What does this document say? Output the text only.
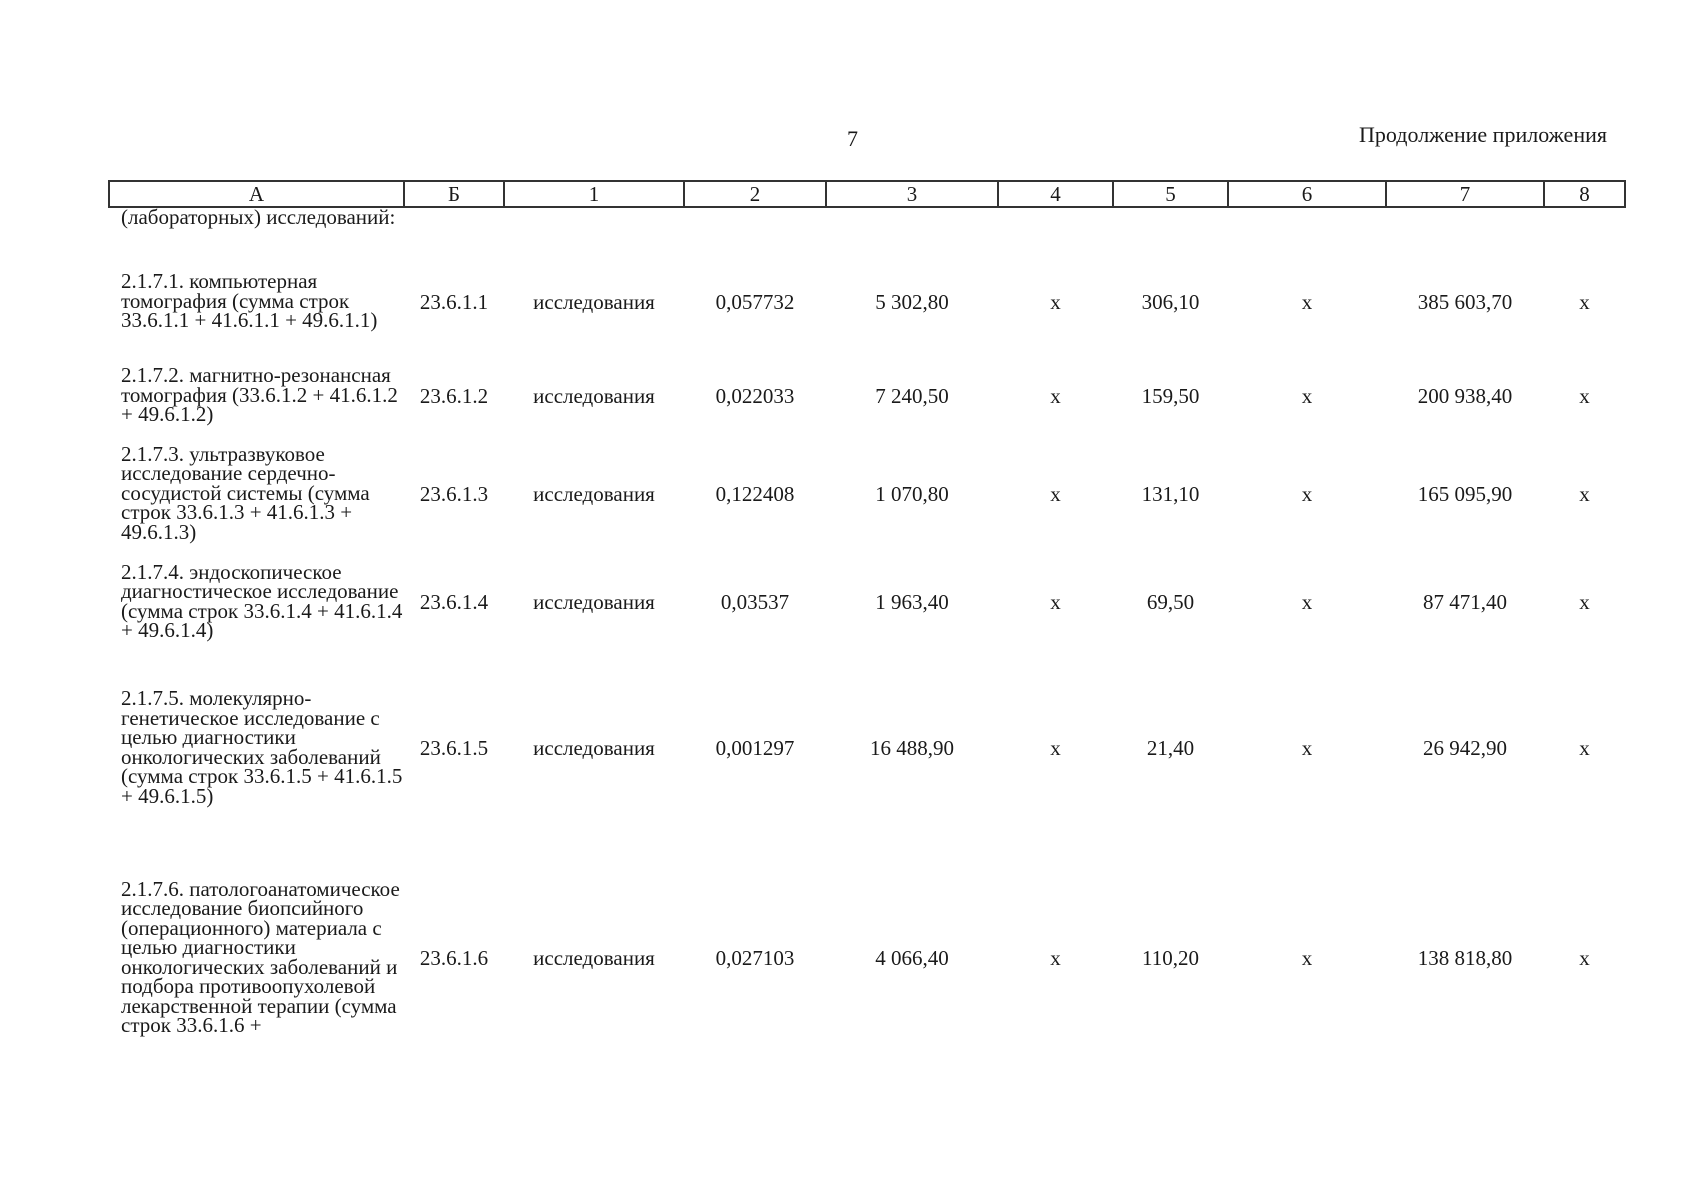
7	Продолжение приложения
А	Б	1	2	3	4	5	6	7	8
(лабораторных) исследований:									

2.1.7.1. компьютерная томография (сумма строк 33.6.1.1 + 41.6.1.1 + 49.6.1.1)	23.6.1.1	исследования	0,057732	5 302,80	х	306,10	х	385 603,70	х
2.1.7.2. магнитно-резонансная томография (33.6.1.2 + 41.6.1.2 + 49.6.1.2)	23.6.1.2	исследования	0,022033	7 240,50	х	159,50	х	200 938,40	х
2.1.7.3. ультразвуковое исследование сердечно-сосудистой системы (сумма строк 33.6.1.3 + 41.6.1.3 + 49.6.1.3)	23.6.1.3	исследования	0,122408	1 070,80	х	131,10	х	165 095,90	х
2.1.7.4. эндоскопическое диагностическое исследование (сумма строк 33.6.1.4 + 41.6.1.4 + 49.6.1.4)	23.6.1.4	исследования	0,03537	1 963,40	х	69,50	х	87 471,40	х
2.1.7.5. молекулярно-генетическое исследование с целью диагностики онкологических заболеваний (сумма строк 33.6.1.5 + 41.6.1.5 + 49.6.1.5)	23.6.1.5	исследования	0,001297	16 488,90	х	21,40	х	26 942,90	х
2.1.7.6. патологоанатомическое исследование биопсийного (операционного) материала с целью диагностики онкологических заболеваний и подбора противоопухолевой лекарственной терапии (сумма строк 33.6.1.6 +	23.6.1.6	исследования	0,027103	4 066,40	х	110,20	х	138 818,80	х
